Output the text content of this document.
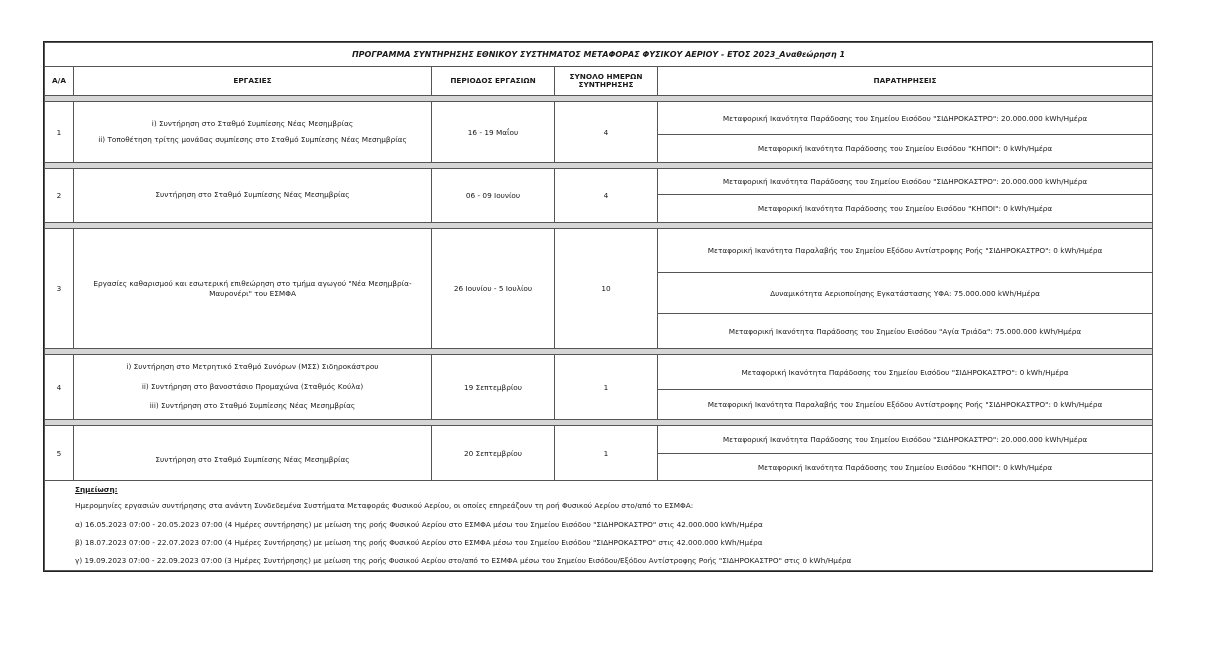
ΠΡΟΓΡΑΜΜΑ ΣΥΝΤΗΡΗΣΗΣ ΕΘΝΙΚΟΥ ΣΥΣΤΗΜΑΤΟΣ ΜΕΤΑΦΟΡΑΣ ΦΥΣΙΚΟΥ ΑΕΡΙΟΥ - ΕΤΟΣ 2023_Αναθεώρηση 1				
Α/Α	ΕΡΓΑΣΙΕΣ	ΠΕΡΙΟΔΟΣ ΕΡΓΑΣΙΩΝ	ΣΥΝΟΛΟ ΗΜΕΡΩΝ ΣΥΝΤΗΡΗΣΗΣ	ΠΑΡΑΤΗΡΗΣΕΙΣ

1	i) Συντήρηση στο Σταθμό Συμπίεσης Νέας Μεσημβρίας
ii) Τοποθέτηση τρίτης μονάδας συμπίεσης στο Σταθμό Συμπίεσης Νέας Μεσημβρίας	16 - 19 Μαΐου	4	Μεταφορική Ικανότητα Παράδοσης του Σημείου Εισόδου "ΣΙΔΗΡΟΚΑΣΤΡΟ": 20.000.000 kWh/Ημέρα
				Μεταφορική Ικανότητα Παράδοσης του Σημείου Εισόδου "ΚΗΠΟΙ": 0 kWh/Ημέρα

2	Συντήρηση στο Σταθμό Συμπίεσης Νέας Μεσημβρίας	06 - 09 Ιουνίου	4	Μεταφορική Ικανότητα Παράδοσης του Σημείου Εισόδου "ΣΙΔΗΡΟΚΑΣΤΡΟ": 20.000.000 kWh/Ημέρα
				Μεταφορική Ικανότητα Παράδοσης του Σημείου Εισόδου "ΚΗΠΟΙ": 0 kWh/Ημέρα

3	Εργασίες καθαρισμού και εσωτερική επιθεώρηση στο τμήμα αγωγού "Νέα Μεσημβρία-Μαυρονέρι" του ΕΣΜΦΑ	26 Ιουνίου - 5 Ιουλίου	10	Μεταφορική Ικανότητα Παραλαβής του Σημείου Εξόδου Αντίστροφης Ροής "ΣΙΔΗΡΟΚΑΣΤΡΟ": 0 kWh/Ημέρα
				Δυναμικότητα Αεριοποίησης Εγκατάστασης ΥΦΑ: 75.000.000 kWh/Ημέρα
				Μεταφορική Ικανότητα Παράδοσης του Σημείου Εισόδου "Αγία Τριάδα": 75.000.000 kWh/Ημέρα

4	i) Συντήρηση στο Μετρητικό Σταθμό Συνόρων (ΜΣΣ) Σιδηροκάστρου
ii) Συντήρηση στο βανοστάσιο Προμαχώνα (Σταθμός Κούλα)
iii) Συντήρηση στο Σταθμό Συμπίεσης Νέας Μεσημβρίας	19 Σεπτεμβρίου	1	Μεταφορική Ικανότητα Παράδοσης του Σημείου Εισόδου "ΣΙΔΗΡΟΚΑΣΤΡΟ": 0 kWh/Ημέρα
				Μεταφορική Ικανότητα Παραλαβής του Σημείου Εξόδου Αντίστροφης Ροής "ΣΙΔΗΡΟΚΑΣΤΡΟ": 0 kWh/Ημέρα

5	Συντήρηση στο Σταθμό Συμπίεσης Νέας Μεσημβρίας	20 Σεπτεμβρίου	1	Μεταφορική Ικανότητα Παράδοσης του Σημείου Εισόδου "ΣΙΔΗΡΟΚΑΣΤΡΟ": 20.000.000 kWh/Ημέρα
				Μεταφορική Ικανότητα Παράδοσης του Σημείου Εισόδου "ΚΗΠΟΙ": 0 kWh/Ημέρα

Σημείωση:
Ημερομηνίες εργασιών συντήρησης στα ανάντη Συνδεδεμένα Συστήματα Μεταφοράς Φυσικού Αερίου, οι οποίες επηρεάζουν τη ροή Φυσικού Αερίου στο/από το ΕΣΜΦΑ:
α) 16.05.2023 07:00 - 20.05.2023 07:00 (4 Ημέρες συντήρησης) με μείωση της ροής Φυσικού Αερίου στο ΕΣΜΦΑ μέσω του Σημείου Εισόδου "ΣΙΔΗΡΟΚΑΣΤΡΟ" στις 42.000.000 kWh/Ημέρα
β) 18.07.2023 07:00 - 22.07.2023 07:00 (4 Ημέρες Συντήρησης) με μείωση της ροής Φυσικού Αερίου στο ΕΣΜΦΑ μέσω του Σημείου Εισόδου "ΣΙΔΗΡΟΚΑΣΤΡΟ" στις 42.000.000 kWh/Ημέρα
γ) 19.09.2023 07:00 - 22.09.2023 07:00 (3 Ημέρες Συντήρησης) με μείωση της ροής Φυσικού Αερίου στο/από το ΕΣΜΦΑ μέσω του Σημείου Εισόδου/Εξόδου Αντίστροφης Ροής "ΣΙΔΗΡΟΚΑΣΤΡΟ" στις 0 kWh/Ημέρα				
